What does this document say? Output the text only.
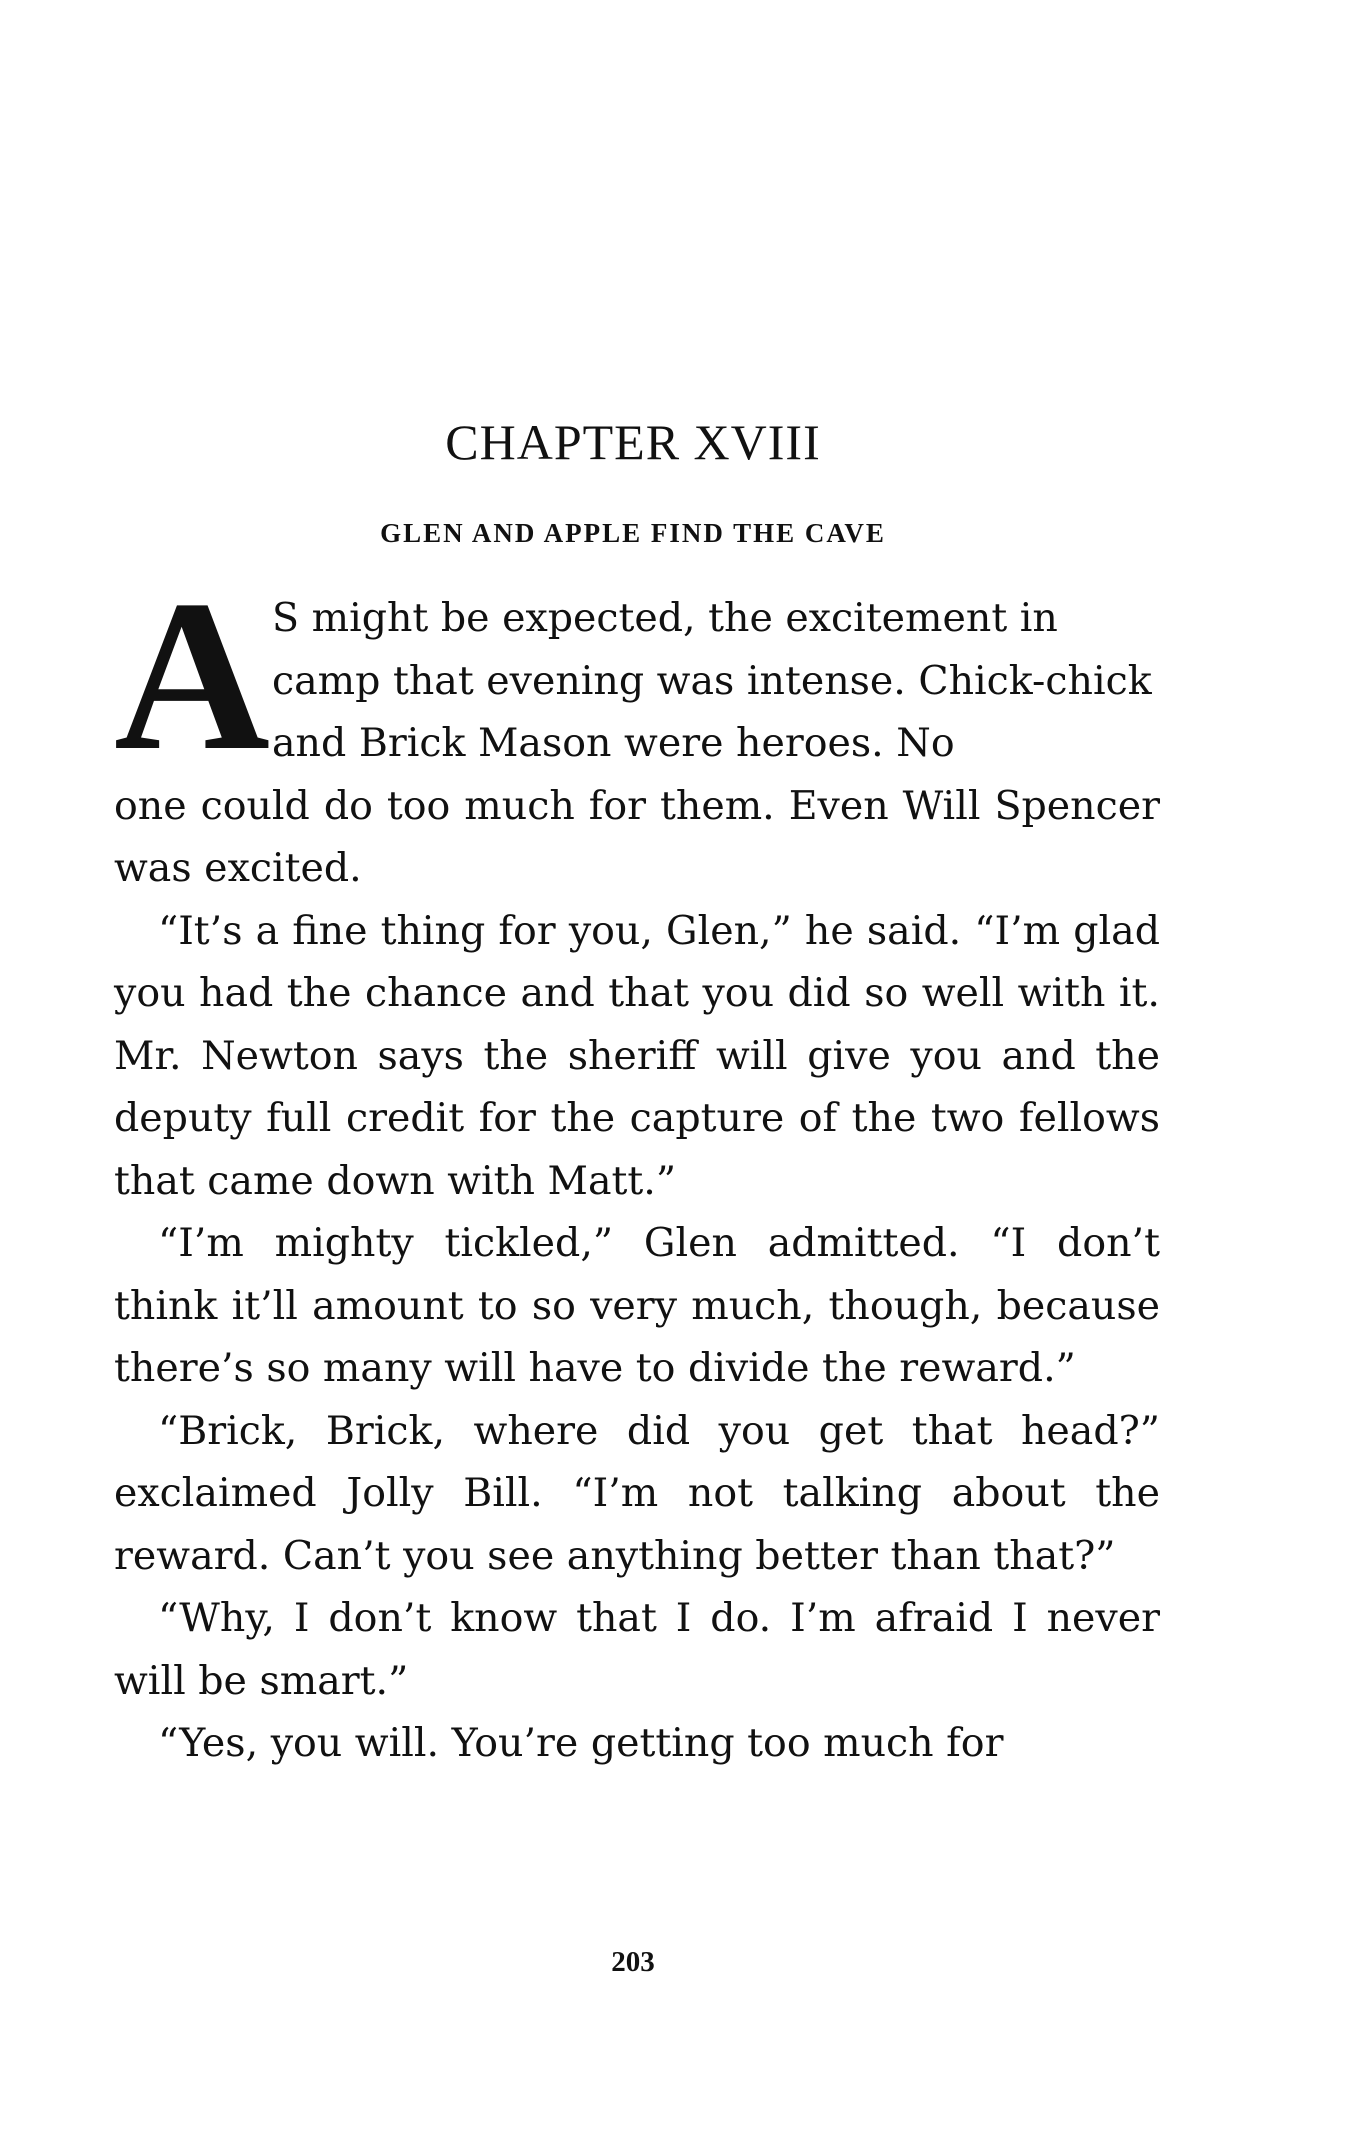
CHAPTER XVIII
GLEN AND APPLE FIND THE CAVE
A S might be expected, the excitement in camp that evening was intense. Chick-chick and Brick Mason were heroes. No

one could do too much for them. Even Will Spencer was excited.

“It’s a fine thing for you, Glen,” he said. “I’m glad you had the chance and that you did so well with it. Mr. Newton says the sheriff will give you and the deputy full credit for the capture of the two fellows that came down with Matt.”

“I’m mighty tickled,” Glen admitted. “I don’t think it’ll amount to so very much, though, because there’s so many will have to divide the reward.”

“Brick, Brick, where did you get that head?” exclaimed Jolly Bill. “I’m not talking about the reward. Can’t you see anything better than that?”

“Why, I don’t know that I do. I’m afraid I never will be smart.”

“Yes, you will. You’re getting too much for

203
